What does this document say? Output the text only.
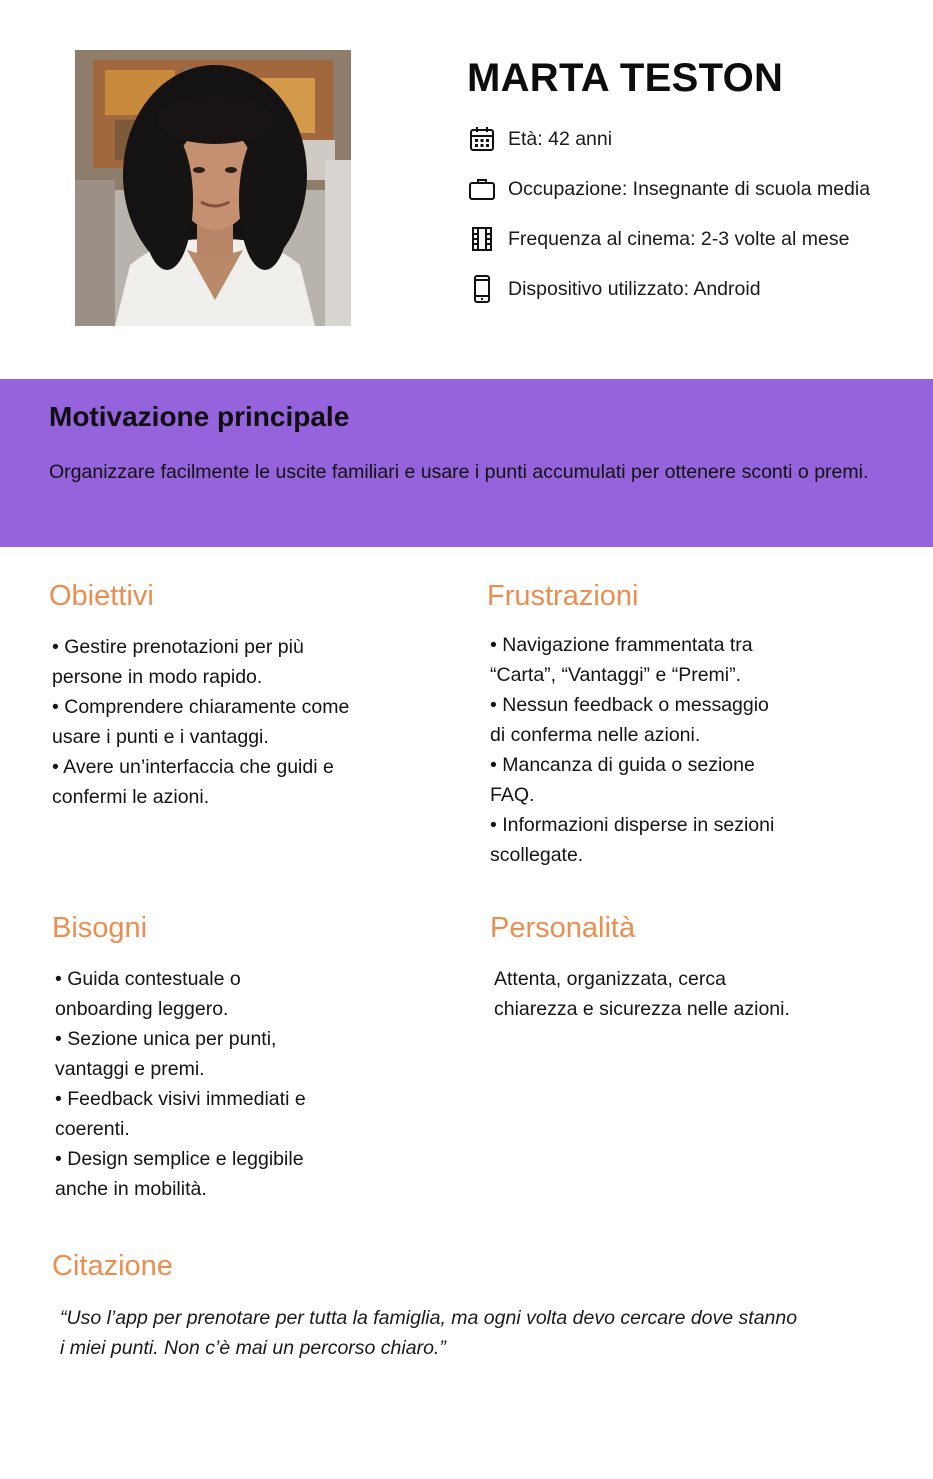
MARTA TESTON
Età: 42 anni
Occupazione: Insegnante di scuola media
Frequenza al cinema: 2-3 volte al mese
Dispositivo utilizzato: Android
Motivazione principale

Organizzare facilmente le uscite familiari e usare i punti accumulati per ottenere sconti o premi.

Obiettivi
• Gestire prenotazioni per più
persone in modo rapido.
• Comprendere chiaramente come
usare i punti e i vantaggi.
• Avere un’interfaccia che guidi e
confermi le azioni.
Frustrazioni
• Navigazione frammentata tra
“Carta”, “Vantaggi” e “Premi”.
• Nessun feedback o messaggio
di conferma nelle azioni.
• Mancanza di guida o sezione
FAQ.
• Informazioni disperse in sezioni
scollegate.
Bisogni
• Guida contestuale o
onboarding leggero.
• Sezione unica per punti,
vantaggi e premi.
• Feedback visivi immediati e
coerenti.
• Design semplice e leggibile
anche in mobilità.
Personalità
Attenta, organizzata, cerca
chiarezza e sicurezza nelle azioni.
Citazione
“Uso l’app per prenotare per tutta la famiglia, ma ogni volta devo cercare dove stanno
i miei punti. Non c’è mai un percorso chiaro.”
